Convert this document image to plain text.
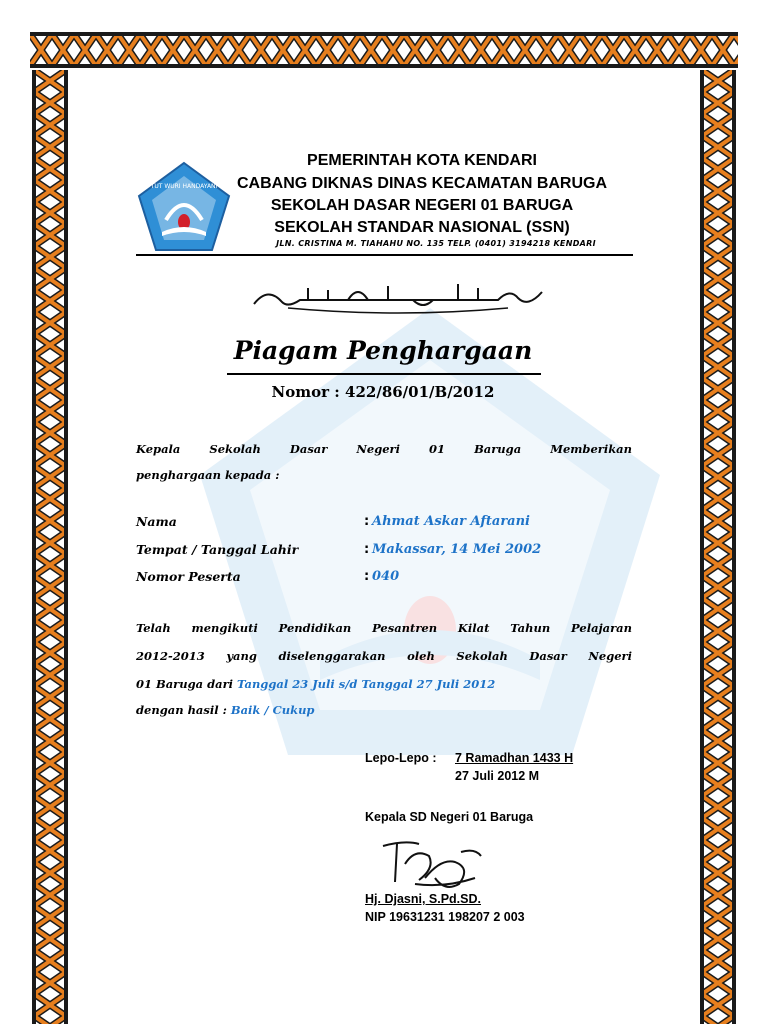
TUT WURI HANDAYANI
PEMERINTAH KOTA KENDARI
CABANG DIKNAS DINAS KECAMATAN BARUGA
SEKOLAH DASAR NEGERI 01 BARUGA
SEKOLAH STANDAR NASIONAL (SSN)
JLN. CRISTINA M. TIAHAHU NO. 135 TELP. (0401) 3194218 KENDARI
Piagam Penghargaan
Nomor : 422/86/01/B/2012
Kepala Sekolah Dasar Negeri 01 Baruga Memberikan
penghargaan kepada :
Nama	: Ahmat Askar Aftarani
Tempat / Tanggal Lahir	: Makassar, 14 Mei 2002
Nomor Peserta	: 040
Telah mengikuti Pendidikan Pesantren Kilat Tahun Pelajaran
2012-2013 yang diselenggarakan oleh Sekolah Dasar Negeri
01 Baruga dari Tanggal 23 Juli s/d Tanggal 27 Juli 2012
dengan hasil : Baik / Cukup
Lepo-Lepo : 7 Ramadhan 1433 H
27 Juli 2012 M
Kepala SD Negeri 01 Baruga
Hj. Djasni, S.Pd.SD.
NIP 19631231 198207 2 003
